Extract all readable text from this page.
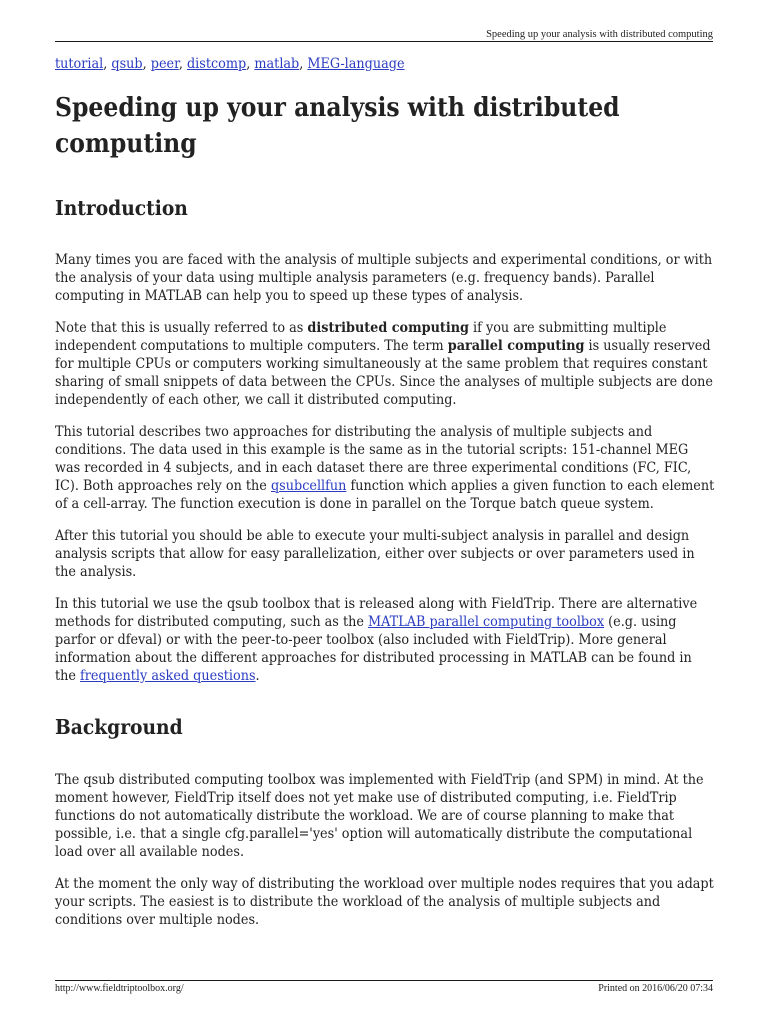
Speeding up your analysis with distributed computing
tutorial, qsub, peer, distcomp, matlab, MEG-language
Speeding up your analysis with distributed computing
Introduction

Many times you are faced with the analysis of multiple subjects and experimental conditions, or with
the analysis of your data using multiple analysis parameters (e.g. frequency bands). Parallel
computing in MATLAB can help you to speed up these types of analysis.

Note that this is usually referred to as distributed computing if you are submitting multiple
independent computations to multiple computers. The term parallel computing is usually reserved
for multiple CPUs or computers working simultaneously at the same problem that requires constant
sharing of small snippets of data between the CPUs. Since the analyses of multiple subjects are done
independently of each other, we call it distributed computing.

This tutorial describes two approaches for distributing the analysis of multiple subjects and
conditions. The data used in this example is the same as in the tutorial scripts: 151-channel MEG
was recorded in 4 subjects, and in each dataset there are three experimental conditions (FC, FIC,
IC). Both approaches rely on the qsubcellfun function which applies a given function to each element
of a cell-array. The function execution is done in parallel on the Torque batch queue system.

After this tutorial you should be able to execute your multi-subject analysis in parallel and design
analysis scripts that allow for easy parallelization, either over subjects or over parameters used in
the analysis.

In this tutorial we use the qsub toolbox that is released along with FieldTrip. There are alternative
methods for distributed computing, such as the MATLAB parallel computing toolbox (e.g. using
parfor or dfeval) or with the peer-to-peer toolbox (also included with FieldTrip). More general
information about the different approaches for distributed processing in MATLAB can be found in
the frequently asked questions.

Background

The qsub distributed computing toolbox was implemented with FieldTrip (and SPM) in mind. At the
moment however, FieldTrip itself does not yet make use of distributed computing, i.e. FieldTrip
functions do not automatically distribute the workload. We are of course planning to make that
possible, i.e. that a single cfg.parallel='yes' option will automatically distribute the computational
load over all available nodes.

At the moment the only way of distributing the workload over multiple nodes requires that you adapt
your scripts. The easiest is to distribute the workload of the analysis of multiple subjects and
conditions over multiple nodes.

http://www.fieldtriptoolbox.org/	Printed on 2016/06/20 07:34
